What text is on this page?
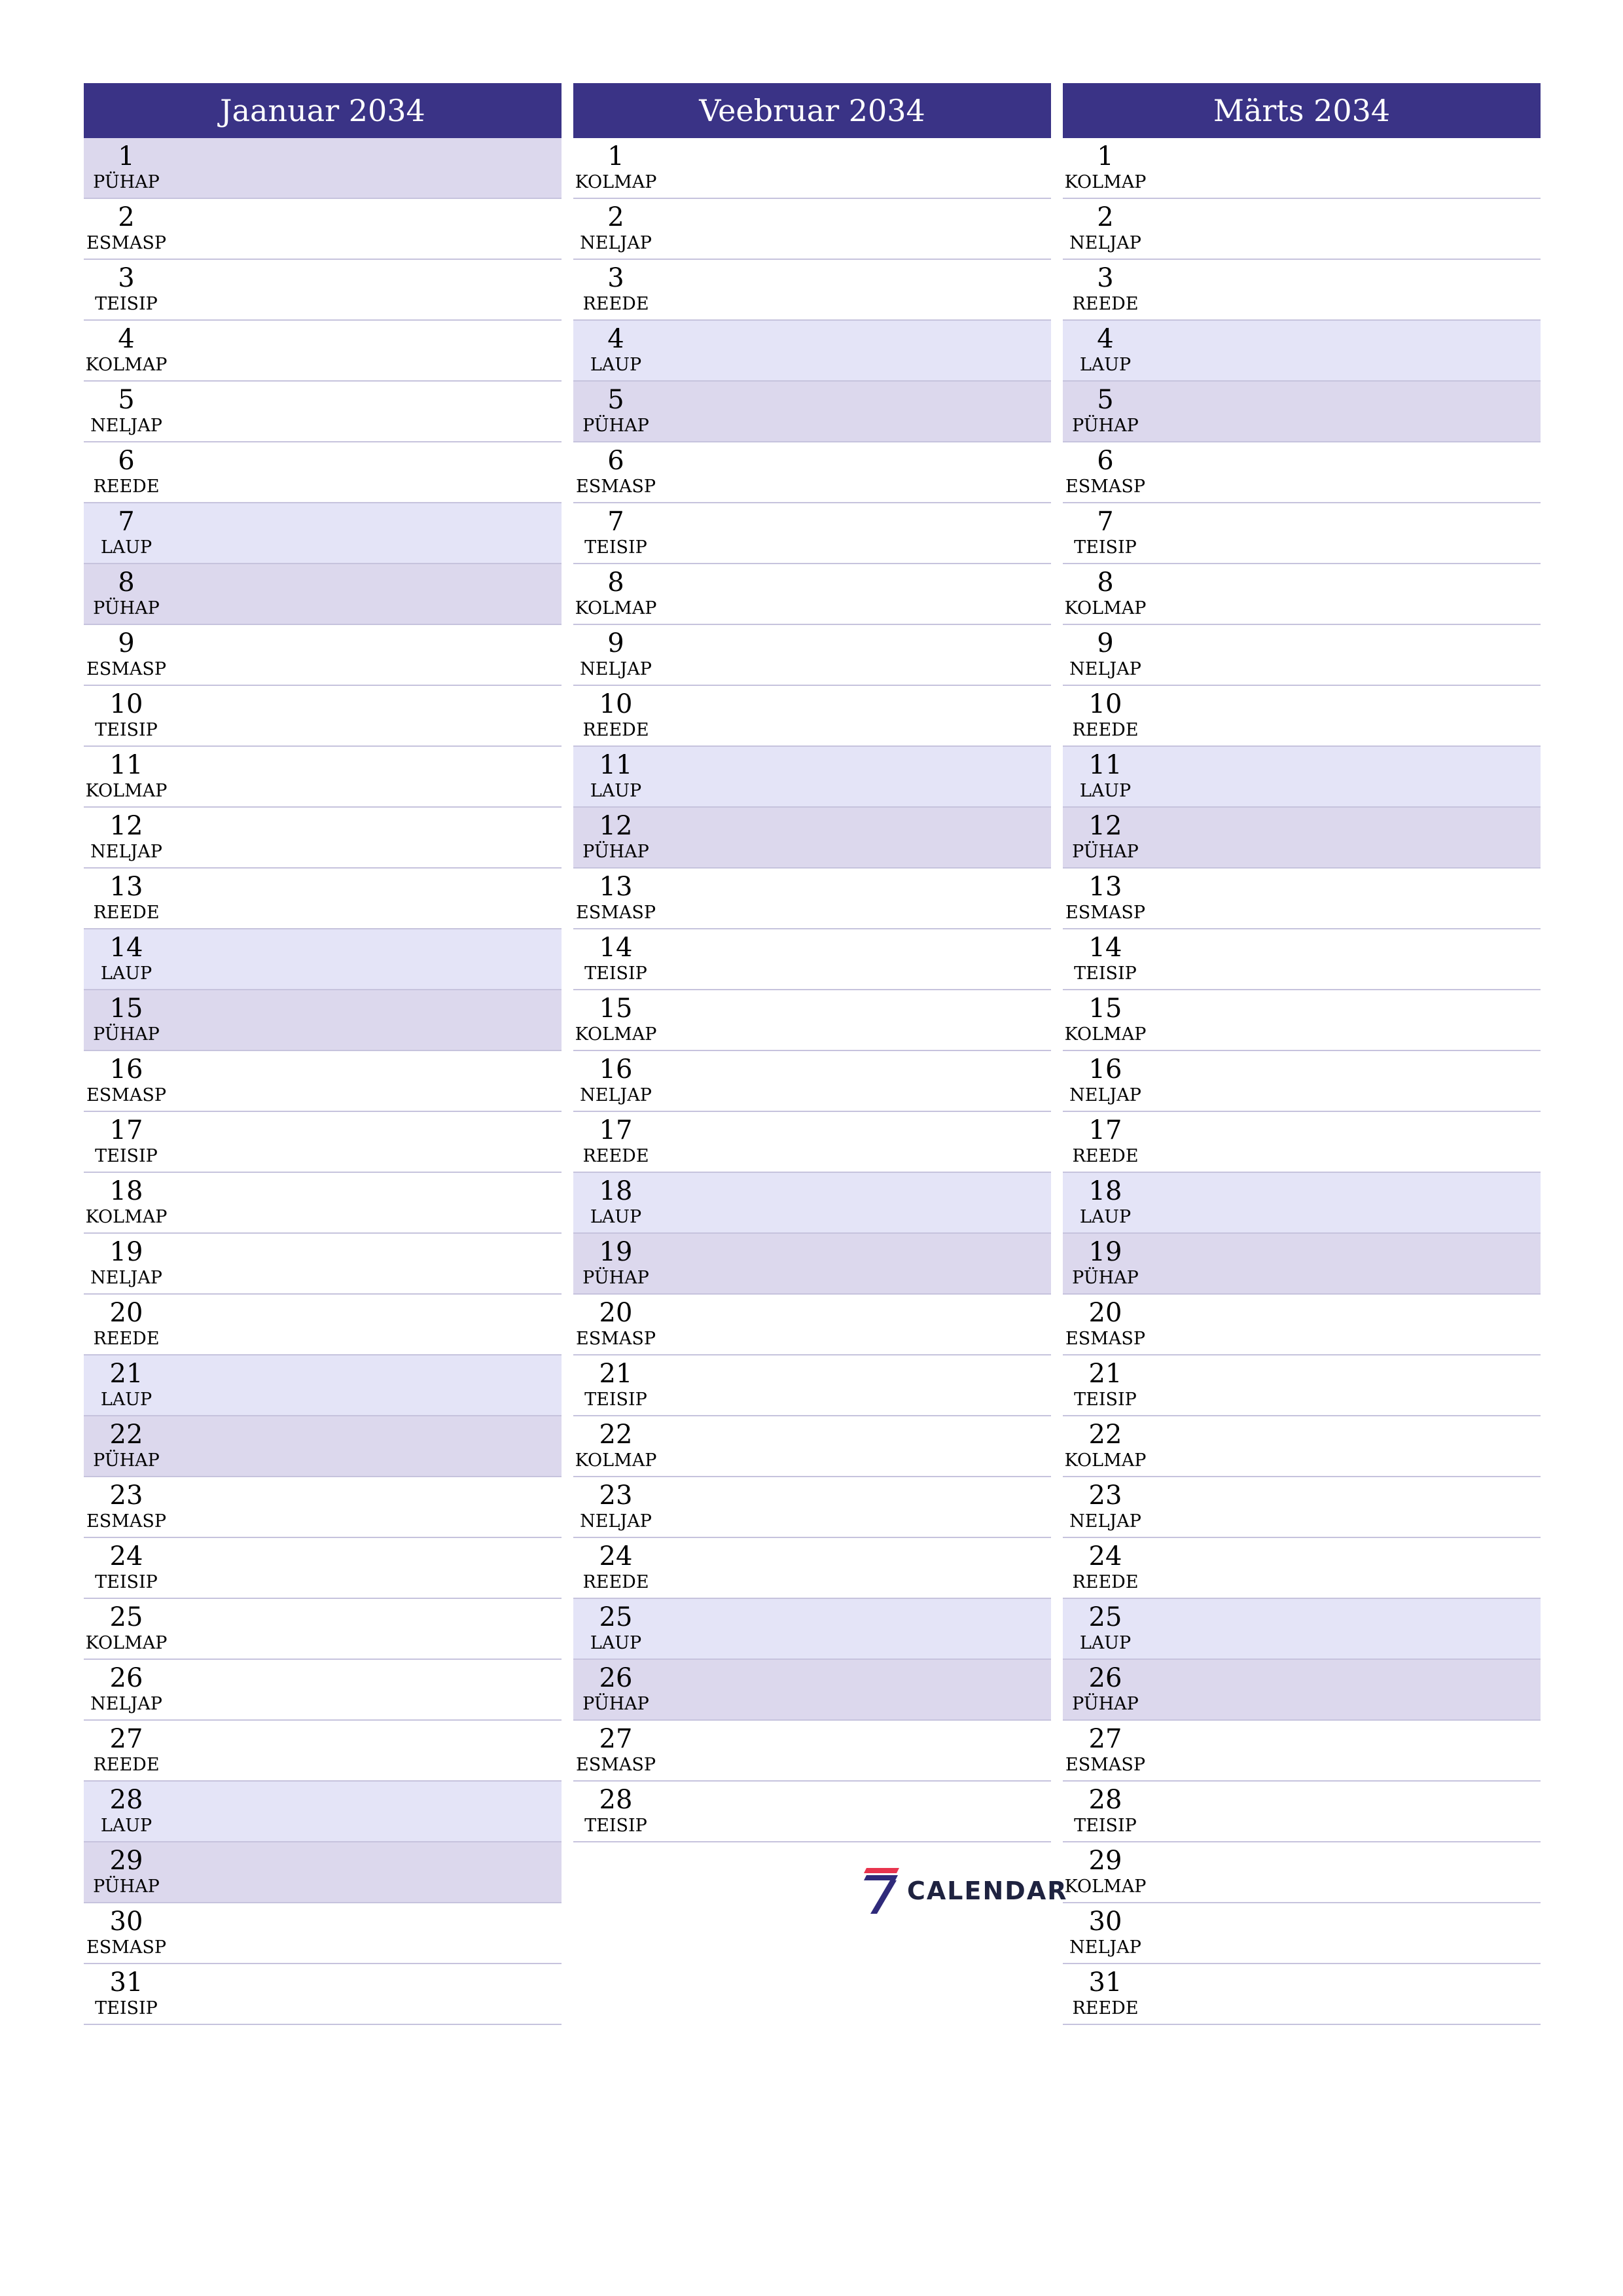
Jaanuar 2034
1
PÜHAP
2
ESMASP
3
TEISIP
4
KOLMAP
5
NELJAP
6
REEDE
7
LAUP
8
PÜHAP
9
ESMASP
10
TEISIP
11
KOLMAP
12
NELJAP
13
REEDE
14
LAUP
15
PÜHAP
16
ESMASP
17
TEISIP
18
KOLMAP
19
NELJAP
20
REEDE
21
LAUP
22
PÜHAP
23
ESMASP
24
TEISIP
25
KOLMAP
26
NELJAP
27
REEDE
28
LAUP
29
PÜHAP
30
ESMASP
31
TEISIP
Veebruar 2034
1
KOLMAP
2
NELJAP
3
REEDE
4
LAUP
5
PÜHAP
6
ESMASP
7
TEISIP
8
KOLMAP
9
NELJAP
10
REEDE
11
LAUP
12
PÜHAP
13
ESMASP
14
TEISIP
15
KOLMAP
16
NELJAP
17
REEDE
18
LAUP
19
PÜHAP
20
ESMASP
21
TEISIP
22
KOLMAP
23
NELJAP
24
REEDE
25
LAUP
26
PÜHAP
27
ESMASP
28
TEISIP
Märts 2034
1
KOLMAP
2
NELJAP
3
REEDE
4
LAUP
5
PÜHAP
6
ESMASP
7
TEISIP
8
KOLMAP
9
NELJAP
10
REEDE
11
LAUP
12
PÜHAP
13
ESMASP
14
TEISIP
15
KOLMAP
16
NELJAP
17
REEDE
18
LAUP
19
PÜHAP
20
ESMASP
21
TEISIP
22
KOLMAP
23
NELJAP
24
REEDE
25
LAUP
26
PÜHAP
27
ESMASP
28
TEISIP
29
KOLMAP
30
NELJAP
31
REEDE
CALENDAR
